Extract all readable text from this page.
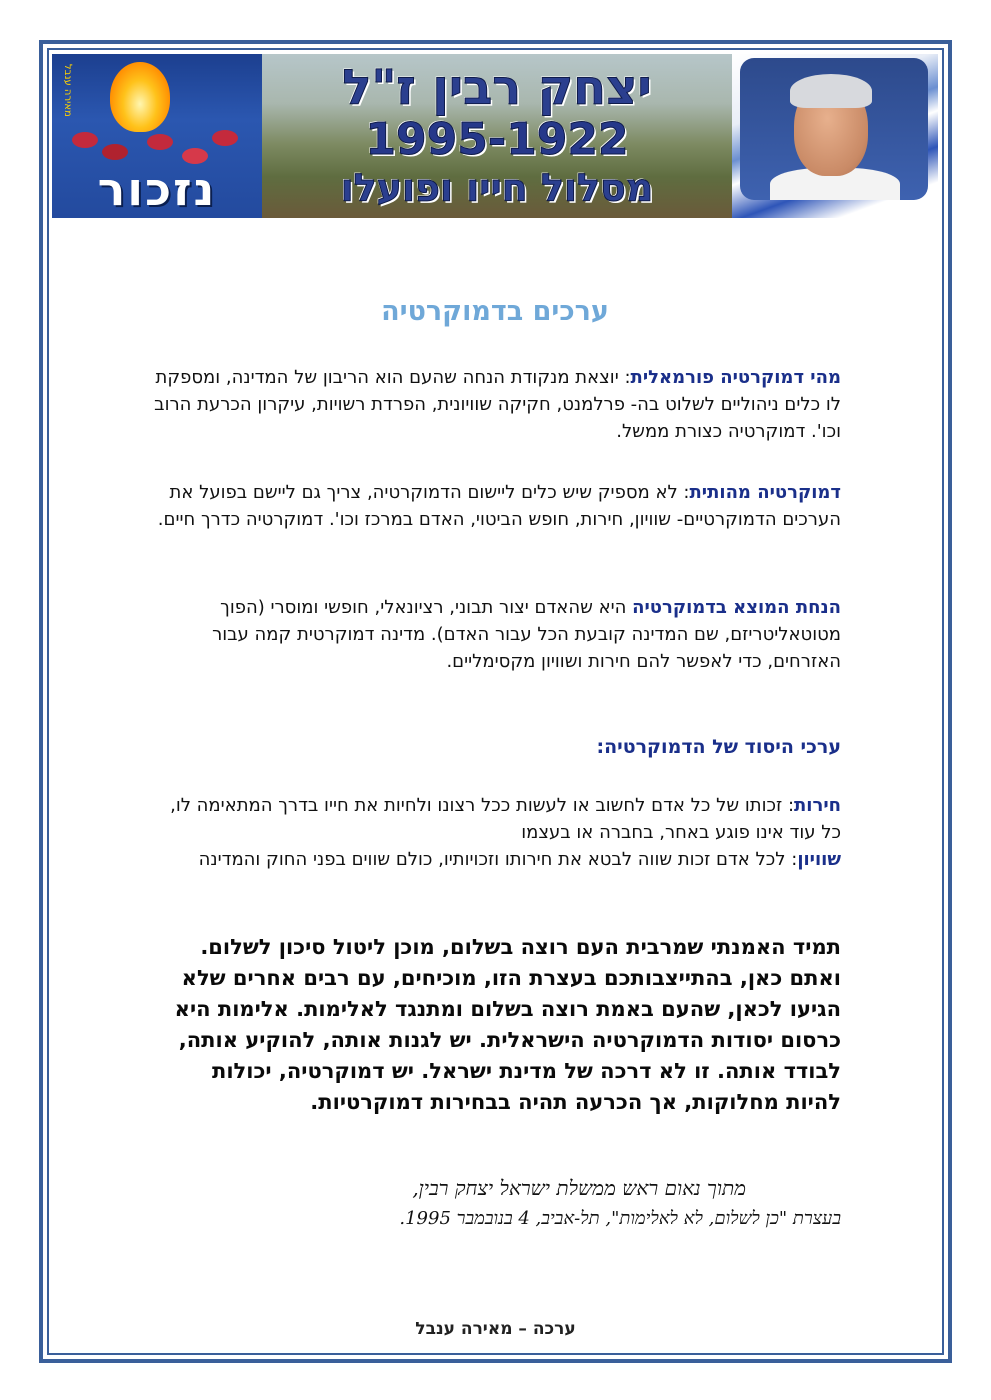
מאירה ענבל
נזכור
יצחק רבין ז"ל
1995-1922
מסלול חייו ופועלו
ערכים בדמוקרטיה
מהי דמוקרטיה פורמאלית: יוצאת מנקודת הנחה שהעם הוא הריבון של המדינה, ומספקת לו כלים ניהוליים לשלוט בה- פרלמנט, חקיקה שוויונית, הפרדת רשויות, עיקרון הכרעת הרוב וכו'. דמוקרטיה כצורת ממשל.
דמוקרטיה מהותית: לא מספיק שיש כלים ליישום הדמוקרטיה, צריך גם ליישם בפועל את הערכים הדמוקרטיים- שוויון, חירות, חופש הביטוי, האדם במרכז וכו'. דמוקרטיה כדרך חיים.
הנחת המוצא בדמוקרטיה היא שהאדם יצור תבוני, רציונאלי, חופשי ומוסרי (הפוך מטוטאליטריזם, שם המדינה קובעת הכל עבור האדם). מדינה דמוקרטית קמה עבור האזרחים, כדי לאפשר להם חירות ושוויון מקסימליים.
ערכי היסוד של הדמוקרטיה:
חירות: זכותו של כל אדם לחשוב או לעשות ככל רצונו ולחיות את חייו בדרך המתאימה לו, כל עוד אינו פוגע באחר, בחברה או בעצמו
שוויון: לכל אדם זכות שווה לבטא את חירותו וזכויותיו, כולם שווים בפני החוק והמדינה
תמיד האמנתי שמרבית העם רוצה בשלום, מוכן ליטול סיכון לשלום. ואתם כאן, בהתייצבותכם בעצרת הזו, מוכיחים, עם רבים אחרים שלא הגיעו לכאן, שהעם באמת רוצה בשלום ומתנגד לאלימות. אלימות היא כרסום יסודות הדמוקרטיה הישראלית. יש לגנות אותה, להוקיע אותה, לבודד אותה. זו לא דרכה של מדינת ישראל. יש דמוקרטיה, יכולות להיות מחלוקות, אך הכרעה תהיה בבחירות דמוקרטיות.
מתוך נאום ראש ממשלת ישראל יצחק רבין,
בעצרת "כן לשלום, לא לאלימות", תל-אביב, 4 בנובמבר 1995.
ערכה – מאירה ענבל
